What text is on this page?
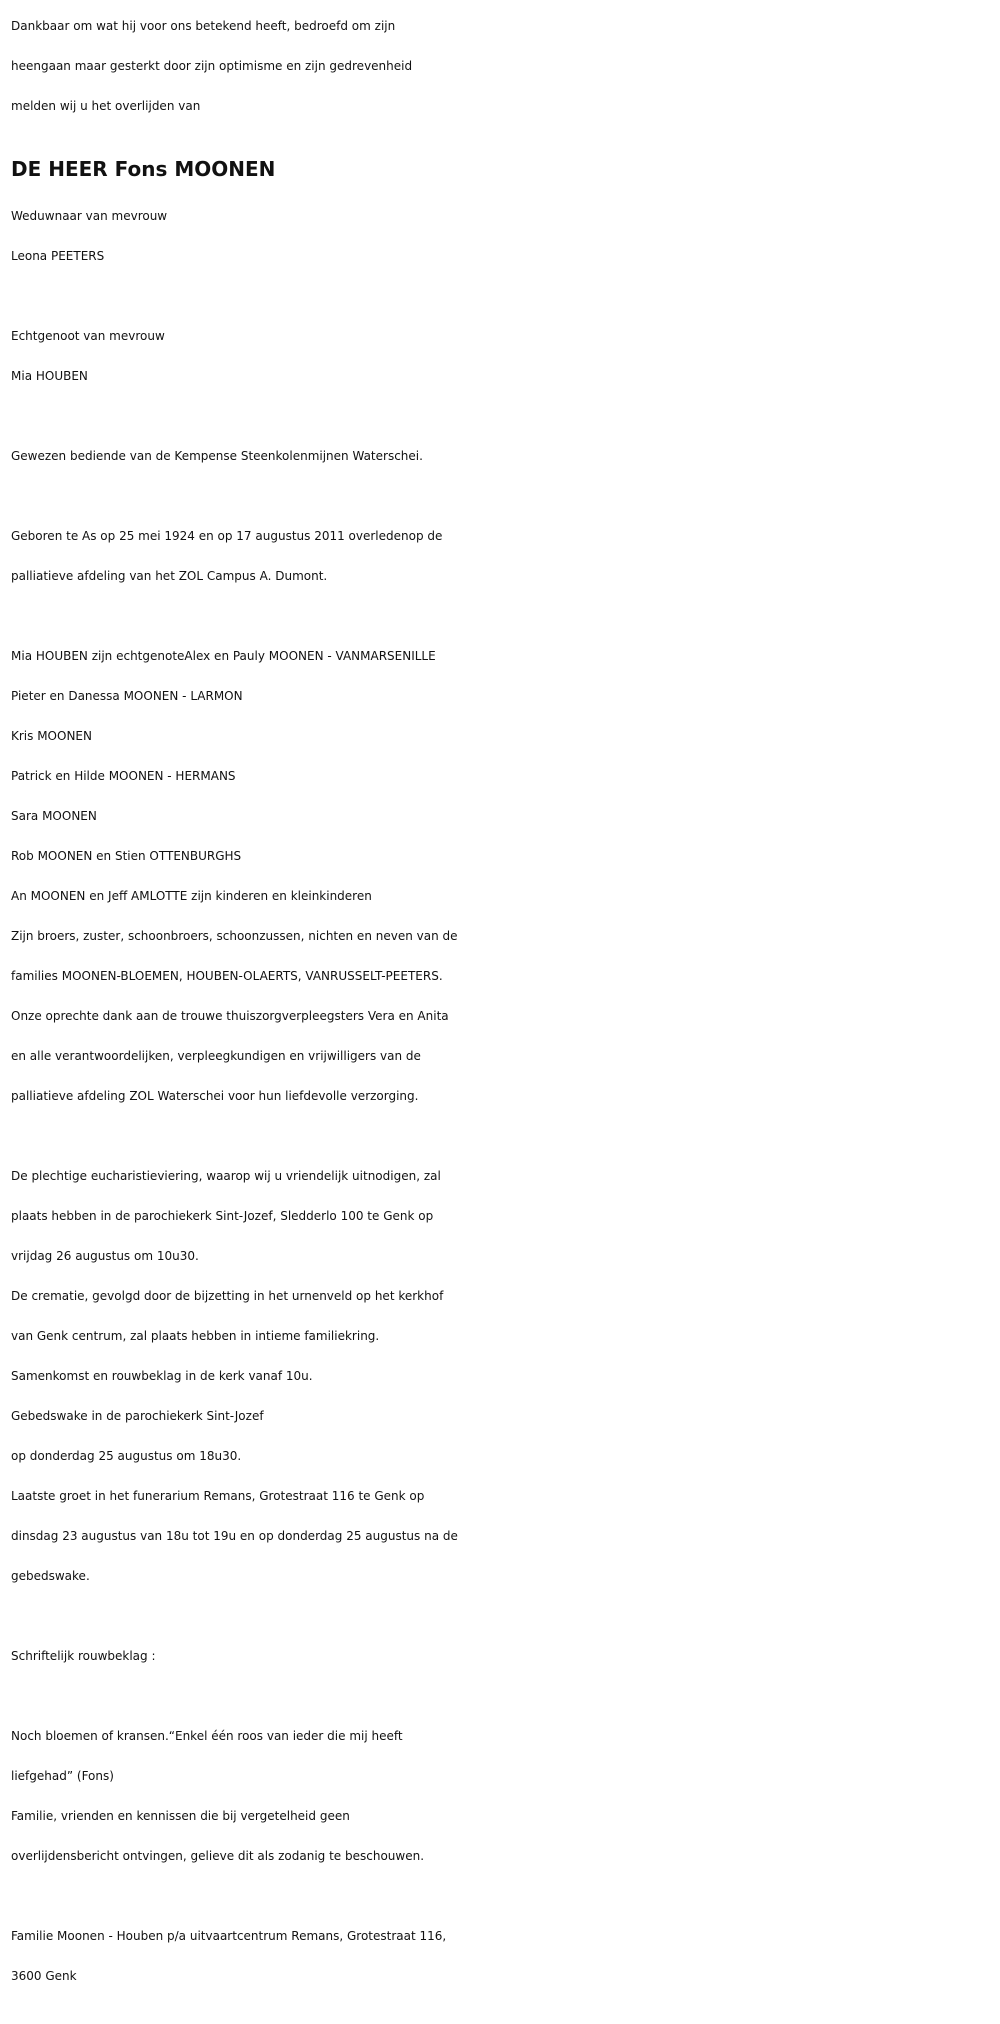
Dankbaar om wat hij voor ons betekend heeft, bedroefd om zijn
heengaan maar gesterkt door zijn optimisme en zijn gedrevenheid
melden wij u het overlijden van
DE HEER Fons MOONEN
Weduwnaar van mevrouw
Leona PEETERS
Echtgenoot van mevrouw
Mia HOUBEN
Gewezen bediende van de Kempense Steenkolenmijnen Waterschei.
Geboren te As op 25 mei 1924 en op 17 augustus 2011 overledenop de
palliatieve afdeling van het ZOL Campus A. Dumont.
Mia HOUBEN zijn echtgenoteAlex en Pauly MOONEN - VANMARSENILLE
Pieter en Danessa MOONEN - LARMON
Kris MOONEN
Patrick en Hilde MOONEN - HERMANS
Sara MOONEN
Rob MOONEN en Stien OTTENBURGHS
An MOONEN en Jeff AMLOTTE zijn kinderen en kleinkinderen
Zijn broers, zuster, schoonbroers, schoonzussen, nichten en neven van de
families MOONEN-BLOEMEN, HOUBEN-OLAERTS, VANRUSSELT-PEETERS.
Onze oprechte dank aan de trouwe thuiszorgverpleegsters Vera en Anita
en alle verantwoordelijken, verpleegkundigen en vrijwilligers van de
palliatieve afdeling ZOL Waterschei voor hun liefdevolle verzorging.
De plechtige eucharistieviering, waarop wij u vriendelijk uitnodigen, zal
plaats hebben in de parochiekerk Sint-Jozef, Sledderlo 100 te Genk op
vrijdag 26 augustus om 10u30.
De crematie, gevolgd door de bijzetting in het urnenveld op het kerkhof
van Genk centrum, zal plaats hebben in intieme familiekring.
Samenkomst en rouwbeklag in de kerk vanaf 10u.
Gebedswake in de parochiekerk Sint-Jozef
op donderdag 25 augustus om 18u30.
Laatste groet in het funerarium Remans, Grotestraat 116 te Genk op
dinsdag 23 augustus van 18u tot 19u en op donderdag 25 augustus na de
gebedswake.
Schriftelijk rouwbeklag :
Noch bloemen of kransen.“Enkel één roos van ieder die mij heeft
liefgehad” (Fons)
Familie, vrienden en kennissen die bij vergetelheid geen
overlijdensbericht ontvingen, gelieve dit als zodanig te beschouwen.
Familie Moonen - Houben p/a uitvaartcentrum Remans, Grotestraat 116,
3600 Genk
